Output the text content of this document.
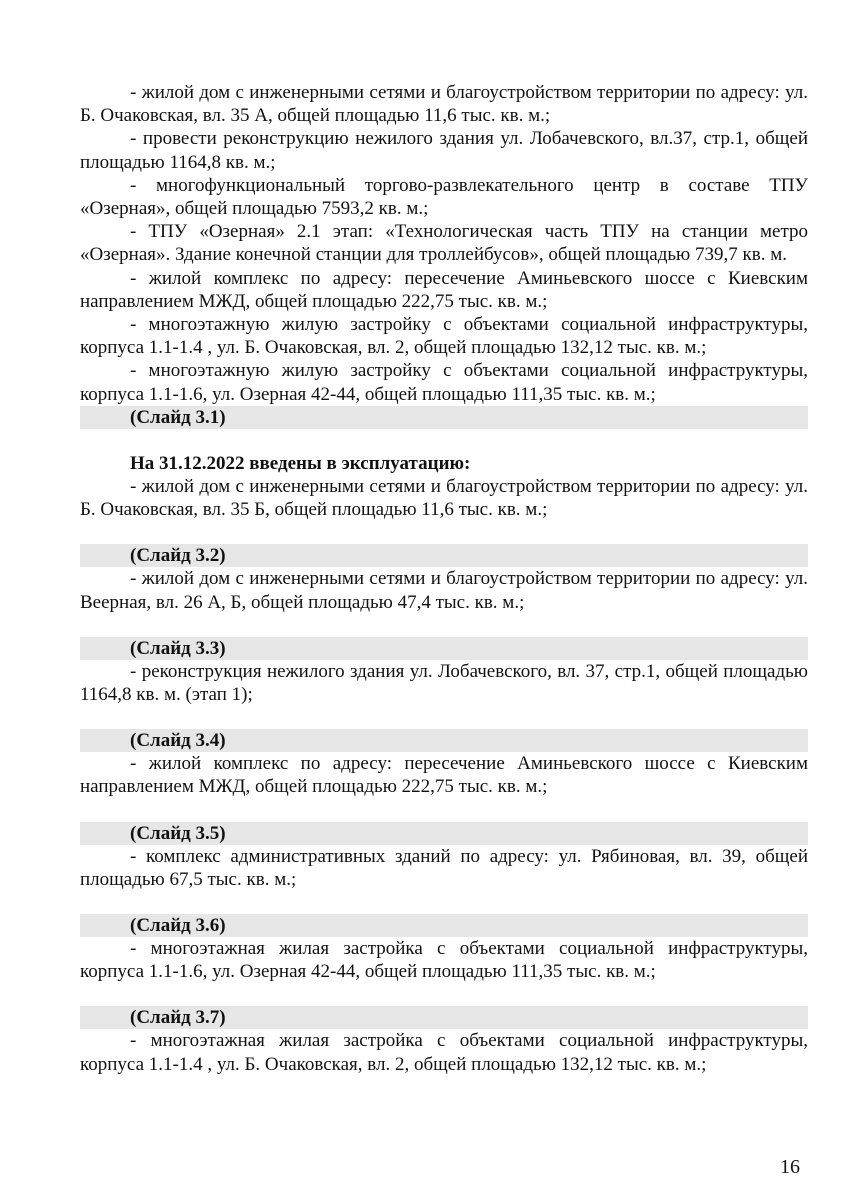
- жилой дом с инженерными сетями и благоустройством территории по адресу: ул. Б. Очаковская, вл. 35 А, общей площадью 11,6 тыс. кв. м.;

- провести реконструкцию нежилого здания ул. Лобачевского, вл.37, стр.1, общей площадью 1164,8 кв. м.;

- многофункциональный торгово-развлекательного центр в составе ТПУ «Озерная», общей площадью 7593,2 кв. м.;

- ТПУ «Озерная» 2.1 этап: «Технологическая часть ТПУ на станции метро «Озерная». Здание конечной станции для троллейбусов», общей площадью 739,7 кв. м.

- жилой комплекс по адресу: пересечение Аминьевского шоссе с Киевским направлением МЖД, общей площадью 222,75 тыс. кв. м.;

- многоэтажную жилую застройку с объектами социальной инфраструктуры, корпуса 1.1-1.4 , ул. Б. Очаковская, вл. 2, общей площадью 132,12 тыс. кв. м.;

- многоэтажную жилую застройку с объектами социальной инфраструктуры, корпуса 1.1-1.6, ул. Озерная 42-44, общей площадью 111,35 тыс. кв. м.;

(Слайд 3.1)

На 31.12.2022 введены в эксплуатацию:

- жилой дом с инженерными сетями и благоустройством территории по адресу: ул. Б. Очаковская, вл. 35 Б, общей площадью 11,6 тыс. кв. м.;

(Слайд 3.2)

- жилой дом с инженерными сетями и благоустройством территории по адресу: ул. Веерная, вл. 26 А, Б, общей площадью 47,4 тыс. кв. м.;

(Слайд 3.3)

- реконструкция нежилого здания ул. Лобачевского, вл. 37, стр.1, общей площадью 1164,8 кв. м. (этап 1);

(Слайд 3.4)

- жилой комплекс по адресу: пересечение Аминьевского шоссе с Киевским направлением МЖД, общей площадью 222,75 тыс. кв. м.;

(Слайд 3.5)

- комплекс административных зданий по адресу: ул. Рябиновая, вл. 39, общей площадью 67,5 тыс. кв. м.;

(Слайд 3.6)

- многоэтажная жилая застройка с объектами социальной инфраструктуры, корпуса 1.1-1.6, ул. Озерная 42-44, общей площадью 111,35 тыс. кв. м.;

(Слайд 3.7)

- многоэтажная жилая застройка с объектами социальной инфраструктуры, корпуса 1.1-1.4 , ул. Б. Очаковская, вл. 2, общей площадью 132,12 тыс. кв. м.;

16
